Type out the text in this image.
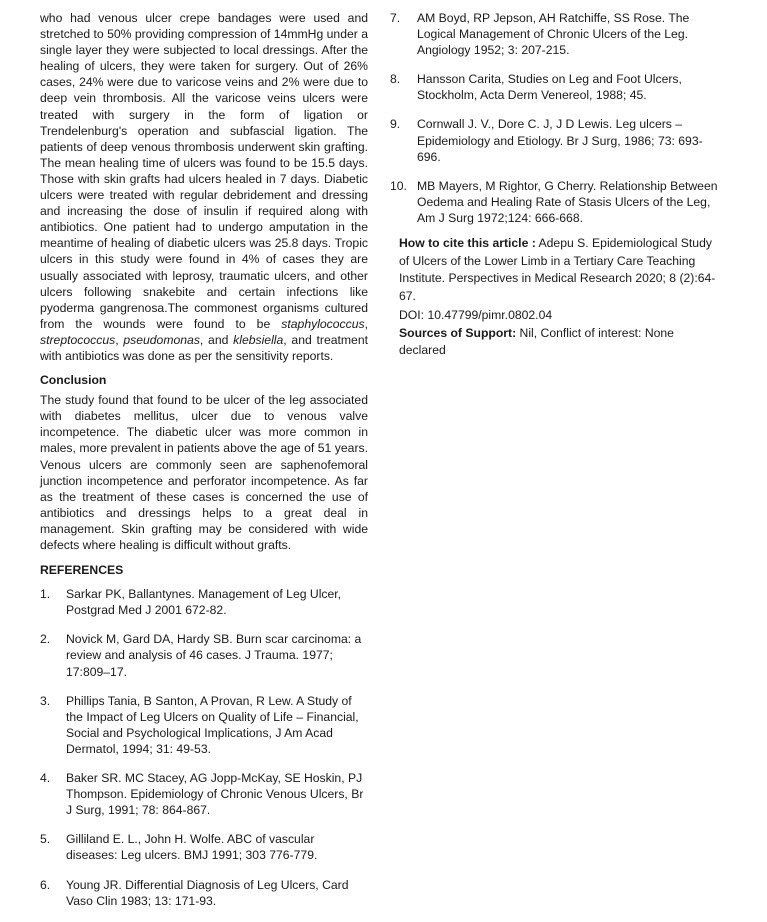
who had venous ulcer crepe bandages were used and stretched to 50% providing compression of 14mmHg under a single layer they were subjected to local dressings. After the healing of ulcers, they were taken for surgery. Out of 26% cases, 24% were due to varicose veins and 2% were due to deep vein thrombosis. All the varicose veins ulcers were treated with surgery in the form of ligation or Trendelenburg's operation and subfascial ligation. The patients of deep venous thrombosis underwent skin grafting. The mean healing time of ulcers was found to be 15.5 days. Those with skin grafts had ulcers healed in 7 days. Diabetic ulcers were treated with regular debridement and dressing and increasing the dose of insulin if required along with antibiotics. One patient had to undergo amputation in the meantime of healing of diabetic ulcers was 25.8 days. Tropic ulcers in this study were found in 4% of cases they are usually associated with leprosy, traumatic ulcers, and other ulcers following snakebite and certain infections like pyoderma gangrenosa.The commonest organisms cultured from the wounds were found to be staphylococcus, streptococcus, pseudomonas, and klebsiella, and treatment with antibiotics was done as per the sensitivity reports.

Conclusion

The study found that found to be ulcer of the leg associated with diabetes mellitus, ulcer due to venous valve incompetence. The diabetic ulcer was more common in males, more prevalent in patients above the age of 51 years. Venous ulcers are commonly seen are saphenofemoral junction incompetence and perforator incompetence. As far as the treatment of these cases is concerned the use of antibiotics and dressings helps to a great deal in management. Skin grafting may be considered with wide defects where healing is difficult without grafts.

REFERENCES
1.	Sarkar PK, Ballantynes. Management of Leg Ulcer, Postgrad Med J 2001 672-82.
2.	Novick M, Gard DA, Hardy SB. Burn scar carcinoma: a review and analysis of 46 cases. J Trauma. 1977; 17:809–17.
3.	Phillips Tania, B Santon, A Provan, R Lew. A Study of the Impact of Leg Ulcers on Quality of Life – Financial, Social and Psychological Implications, J Am Acad Dermatol, 1994; 31: 49-53.
4.	Baker SR. MC Stacey, AG Jopp-McKay, SE Hoskin, PJ Thompson. Epidemiology of Chronic Venous Ulcers, Br J Surg, 1991; 78: 864-867.
5.	Gilliland E. L., John H. Wolfe. ABC of vascular diseases: Leg ulcers. BMJ 1991; 303 776-779.
6.	Young JR. Differential Diagnosis of Leg Ulcers, Card Vaso Clin 1983; 13: 171-93.
7.	AM Boyd, RP Jepson, AH Ratchiffe, SS Rose. The Logical Management of Chronic Ulcers of the Leg. Angiology 1952; 3: 207-215.
8.	Hansson Carita, Studies on Leg and Foot Ulcers, Stockholm, Acta Derm Venereol, 1988; 45.
9.	Cornwall J. V., Dore C. J, J D Lewis. Leg ulcers – Epidemiology and Etiology. Br J Surg, 1986; 73: 693-696.
10. MB Mayers, M Rightor, G Cherry. Relationship Between Oedema and Healing Rate of Stasis Ulcers of the Leg, Am J Surg 1972;124: 666-668.
How to cite this article : Adepu S. Epidemiological Study of Ulcers of the Lower Limb in a Tertiary Care Teaching Institute. Perspectives in Medical Research 2020; 8 (2):64-67.
DOI: 10.47799/pimr.0802.04
Sources of Support: Nil, Conflict of interest: None declared
